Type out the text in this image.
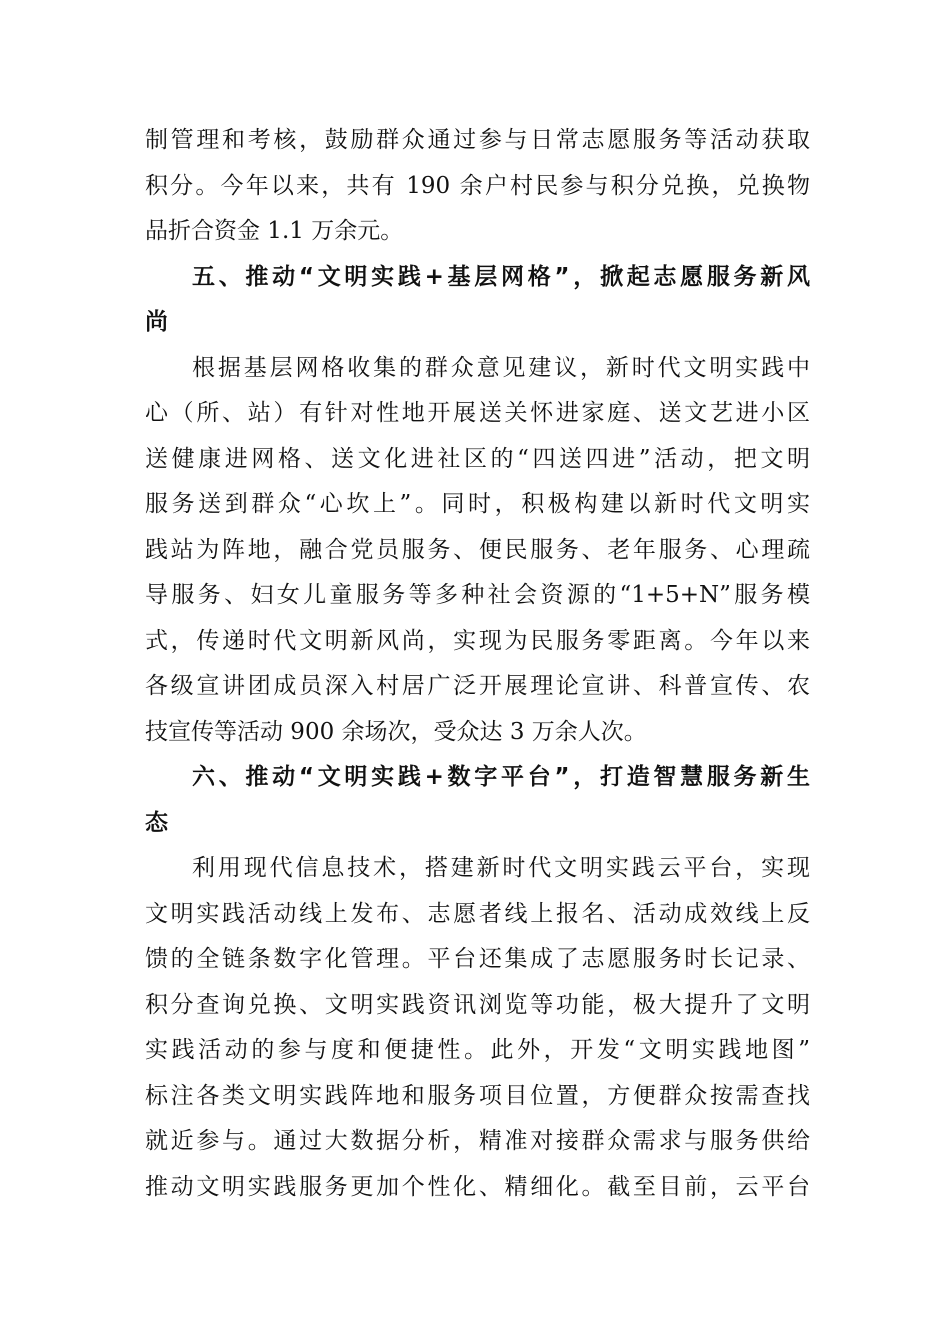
制管理和考核，鼓励群众通过参与日常志愿服务等活动获取
积分。今年以来，共有 190 余户村民参与积分兑换，兑换物
品折合资金 1.1 万余元。
五、推动“文明实践+基层网格”，掀起志愿服务新风
尚
根据基层网格收集的群众意见建议，新时代文明实践中
心（所、站）有针对性地开展送关怀进家庭、送文艺进小区
送健康进网格、送文化进社区的“四送四进”活动，把文明
服务送到群众“心坎上”。同时，积极构建以新时代文明实
践站为阵地，融合党员服务、便民服务、老年服务、心理疏
导服务、妇女儿童服务等多种社会资源的“1+5+N”服务模
式，传递时代文明新风尚，实现为民服务零距离。今年以来
各级宣讲团成员深入村居广泛开展理论宣讲、科普宣传、农
技宣传等活动 900 余场次，受众达 3 万余人次。
六、推动“文明实践+数字平台”，打造智慧服务新生
态
利用现代信息技术，搭建新时代文明实践云平台，实现
文明实践活动线上发布、志愿者线上报名、活动成效线上反
馈的全链条数字化管理。平台还集成了志愿服务时长记录、
积分查询兑换、文明实践资讯浏览等功能，极大提升了文明
实践活动的参与度和便捷性。此外，开发“文明实践地图”
标注各类文明实践阵地和服务项目位置，方便群众按需查找
就近参与。通过大数据分析，精准对接群众需求与服务供给
推动文明实践服务更加个性化、精细化。截至目前，云平台
